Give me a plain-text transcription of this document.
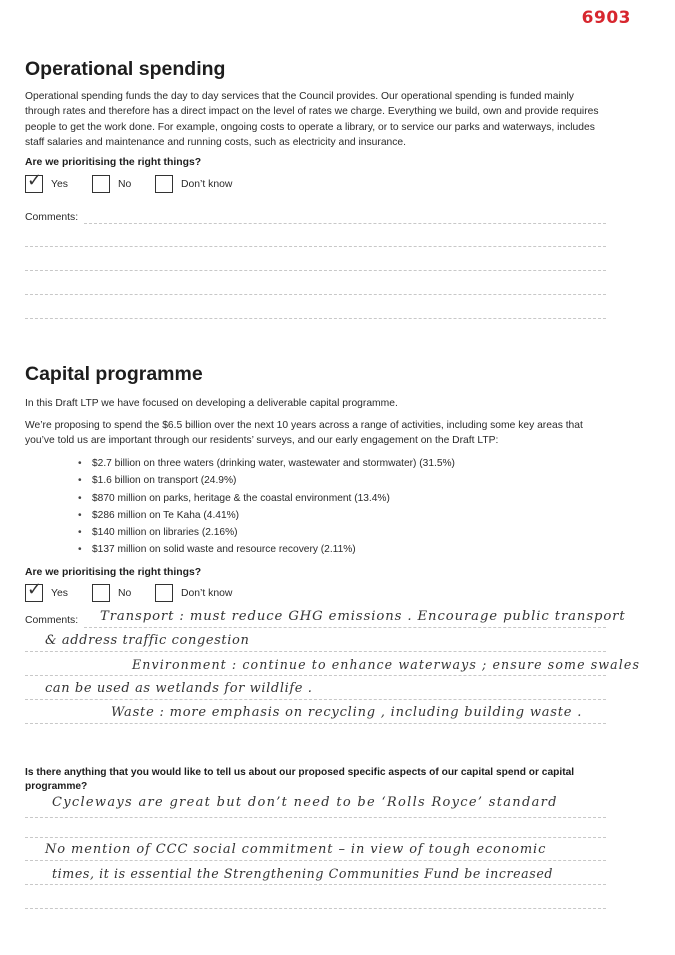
6903
Operational spending
Operational spending funds the day to day services that the Council provides. Our operational spending is funded mainly
through rates and therefore has a direct impact on the level of rates we charge. Everything we build, own and provide requires
people to get the work done. For example, ongoing costs to operate a library, or to service our parks and waterways, includes
staff salaries and maintenance and running costs, such as electricity and insurance.

Are we prioritising the right things?

✓ Yes	No	Don’t know
Comments:
Capital programme
In this Draft LTP we have focused on developing a deliverable capital programme.
We’re proposing to spend the $6.5 billion over the next 10 years across a range of activities, including some key areas that
you’ve told us are important through our residents’ surveys, and our early engagement on the Draft LTP:
• $2.7 billion on three waters (drinking water, wastewater and stormwater) (31.5%)
• $1.6 billion on transport (24.9%)
• $870 million on parks, heritage & the coastal environment (13.4%)
• $286 million on Te Kaha (4.41%)
• $140 million on libraries (2.16%)
• $137 million on solid waste and resource recovery (2.11%)

Are we prioritising the right things?

✓ Yes	No	Don’t know
Comments: Transport : must reduce GHG emissions . Encourage public transport
& address traffic congestion
Environment : continue to enhance waterways ; ensure some swales
can be used as wetlands for wildlife .
Waste : more emphasis on recycling , including building waste .
Is there anything that you would like to tell us about our proposed specific aspects of our capital spend or capital
programme?
Cycleways are great but don’t need to be ‘Rolls Royce’ standard
No mention of CCC social commitment – in view of tough economic
times, it is essential the Strengthening Communities Fund be increased
